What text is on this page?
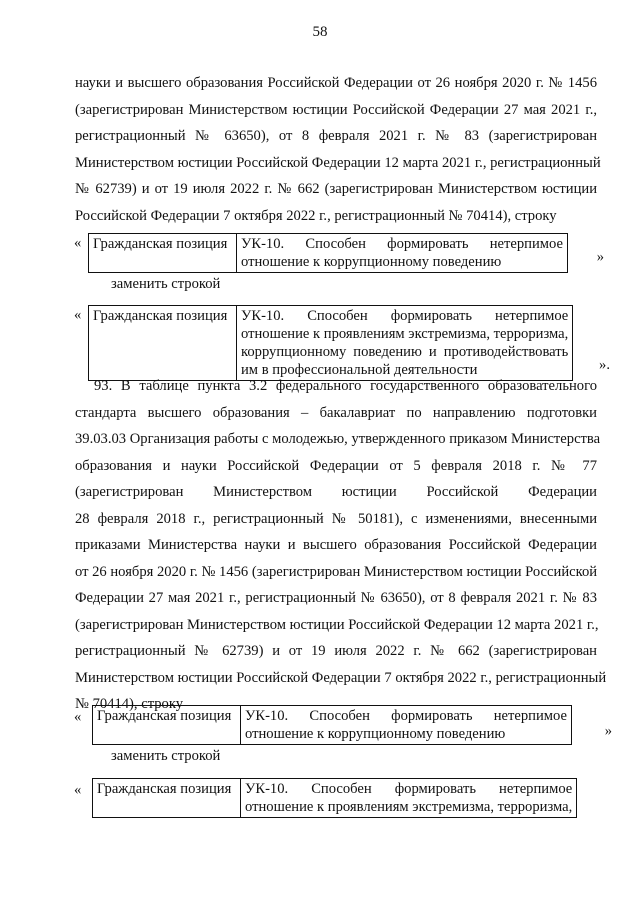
58
науки и высшего образования Российской Федерации от 26 ноября 2020 г. № 1456
(зарегистрирован Министерством юстиции Российской Федерации 27 мая 2021 г.,
регистрационный № 63650), от 8 февраля 2021 г. № 83 (зарегистрирован
Министерством юстиции Российской Федерации 12 марта 2021 г., регистрационный
№ 62739) и от 19 июля 2022 г. № 662 (зарегистрирован Министерством юстиции
Российской Федерации 7 октября 2022 г., регистрационный № 70414), строку
« Гражданская позиция	УК-10. Способен формировать нетерпимое
отношение к коррупционному поведению	»
заменить строкой
« Гражданская позиция	УК-10. Способен формировать нетерпимое
отношение к проявлениям экстремизма, терроризма,
коррупционному поведению и противодействовать
им в профессиональной деятельности	».
93. В таблице пункта 3.2 федерального государственного образовательного
стандарта высшего образования – бакалавриат по направлению подготовки
39.03.03 Организация работы с молодежью, утвержденного приказом Министерства
образования и науки Российской Федерации от 5 февраля 2018 г. № 77
(зарегистрирован Министерством юстиции Российской Федерации
28 февраля 2018 г., регистрационный № 50181), с изменениями, внесенными
приказами Министерства науки и высшего образования Российской Федерации
от 26 ноября 2020 г. № 1456 (зарегистрирован Министерством юстиции Российской
Федерации 27 мая 2021 г., регистрационный № 63650), от 8 февраля 2021 г. № 83
(зарегистрирован Министерством юстиции Российской Федерации 12 марта 2021 г.,
регистрационный № 62739) и от 19 июля 2022 г. № 662 (зарегистрирован
Министерством юстиции Российской Федерации 7 октября 2022 г., регистрационный
№ 70414), строку
« Гражданская позиция	УК-10. Способен формировать нетерпимое
отношение к коррупционному поведению	»
заменить строкой
« Гражданская позиция	УК-10. Способен формировать нетерпимое
отношение к проявлениям экстремизма, терроризма,
